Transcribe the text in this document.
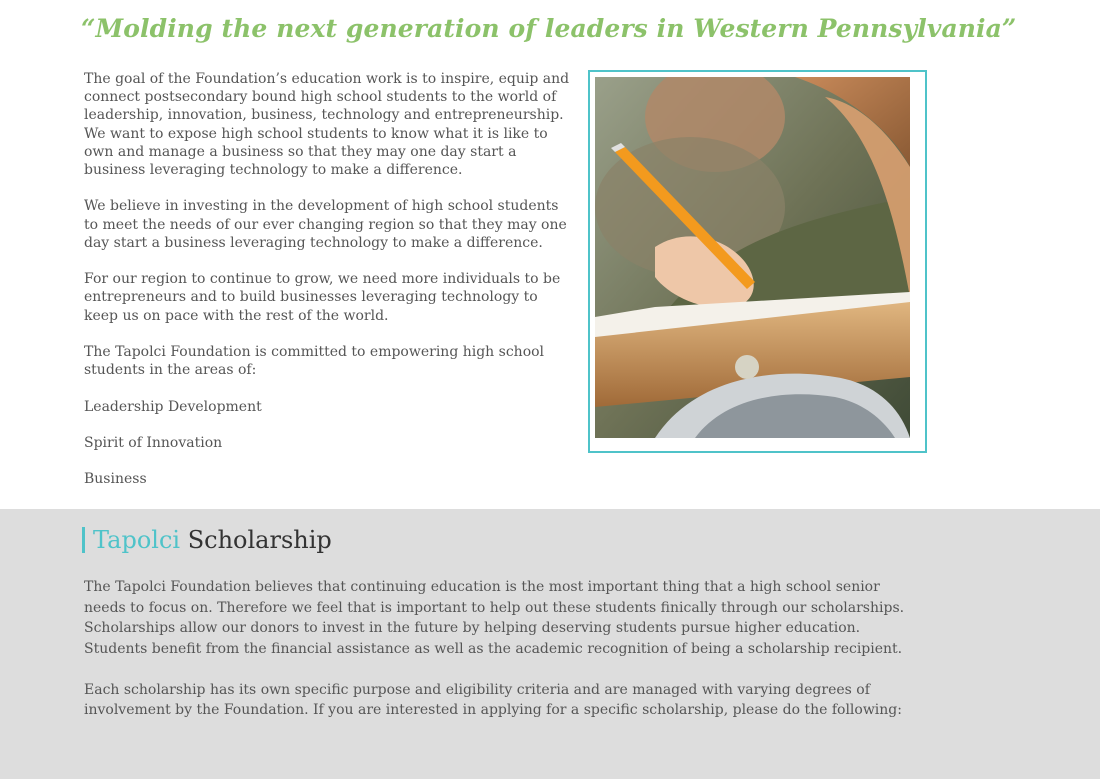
“Molding the next generation of leaders in Western Pennsylvania”

The goal of the Foundation’s education work is to inspire, equip and connect postsecondary bound high school students to the world of leadership, innovation, business, technology and entrepreneurship. We want to expose high school students to know what it is like to own and manage a business so that they may one day start a business leveraging technology to make a difference.

We believe in investing in the development of high school students to meet the needs of our ever changing region so that they may one day start a business leveraging technology to make a difference.

For our region to continue to grow, we need more individuals to be entrepreneurs and to build businesses leveraging technology to keep us on pace with the rest of the world.

The Tapolci Foundation is committed to empowering high school students in the areas of:

Leadership Development

Spirit of Innovation

Business

Tapolci Scholarship

The Tapolci Foundation believes that continuing education is the most important thing that a high school senior needs to focus on. Therefore we feel that is important to help out these students finically through our scholarships. Scholarships allow our donors to invest in the future by helping deserving students pursue higher education. Students benefit from the financial assistance as well as the academic recognition of being a scholarship recipient.

Each scholarship has its own specific purpose and eligibility criteria and are managed with varying degrees of involvement by the Foundation. If you are interested in applying for a specific scholarship, please do the following:
